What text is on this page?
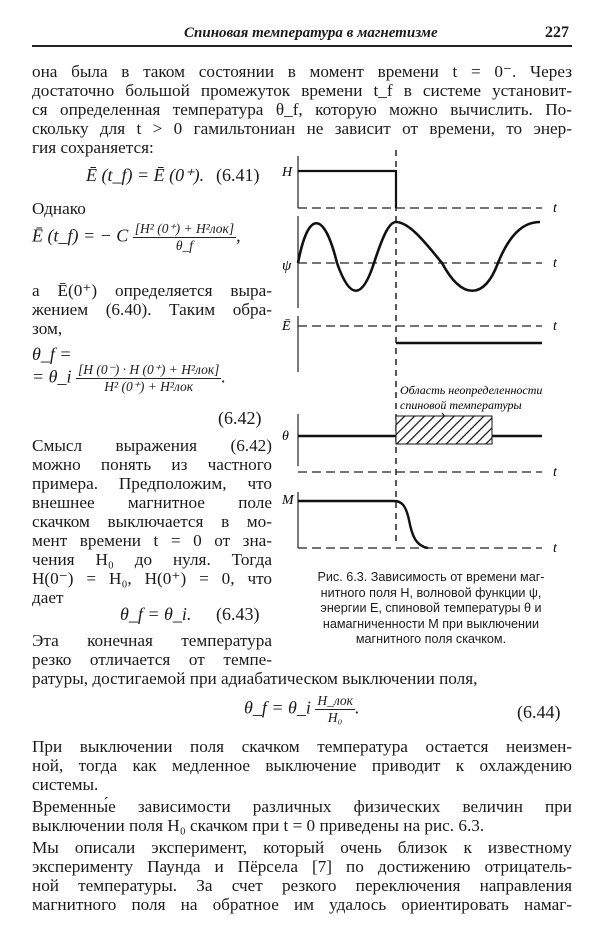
Спиновая температура в магнетизме	227
она была в таком состоянии в момент времени t = 0⁻. Через
достаточно большой промежуток времени t_f в системе установит-
ся определенная температура θ_f, которую можно вычислить. По-
скольку для t > 0 гамильтониан не зависит от времени, то энер-
гия сохраняется:
Ē (t_f) = Ē (0⁺). (6.41)
Однако
Ē (t_f) = − C $\frac{\text{[H² (0⁺) + H²лок]}}{\theta\_f}$ ,
а Ē(0⁺) определяется выра-
жением (6.40). Таким обра-
зом,
θ_f =
= θ_i $\frac{\text{[H (0⁻) · H (0⁺) + H²лок]}}{\text{H² (0⁺) + H²лок}}$ .
(6.42)
Смысл выражения (6.42)
можно понять из частного
примера. Предположим, что
внешнее магнитное поле
скачком выключается в мо-
мент времени t = 0 от зна-
чения H₀ до нуля. Тогда
H(0⁻) = H₀, H(0⁺) = 0, что
дает
θ_f = θ_i. (6.43)
Эта конечная температура
резко отличается от темпе-
ратуры, достигаемой при адиабатическом выключении поля,
θ_f = θ_i $\frac{\text{H\_лок}}{\text{H₀}}$ .	(6.44)
При выключении поля скачком температура остается неизмен-
ной, тогда как медленное выключение приводит к охлаждению
системы.
Временны́е зависимости различных физических величин при
выключении поля H₀ скачком при t = 0 приведены на рис. 6.3.
Мы описали эксперимент, который очень близок к известному
эксперименту Паунда и Пёрсела [7] по достижению отрицатель-
ной температуры. За счет резкого переключения направления
магнитного поля на обратное им удалось ориентировать намаг-
H
t
ψ	t
Ē	t
Область неопределенности
спиновой температуры
θ
t
M
t
Рис. 6.3. Зависимость от времени маг-
нитного поля H, волновой функции ψ,
энергии E, спиновой температуры θ и
намагниченности M при выключении
магнитного поля скачком.
